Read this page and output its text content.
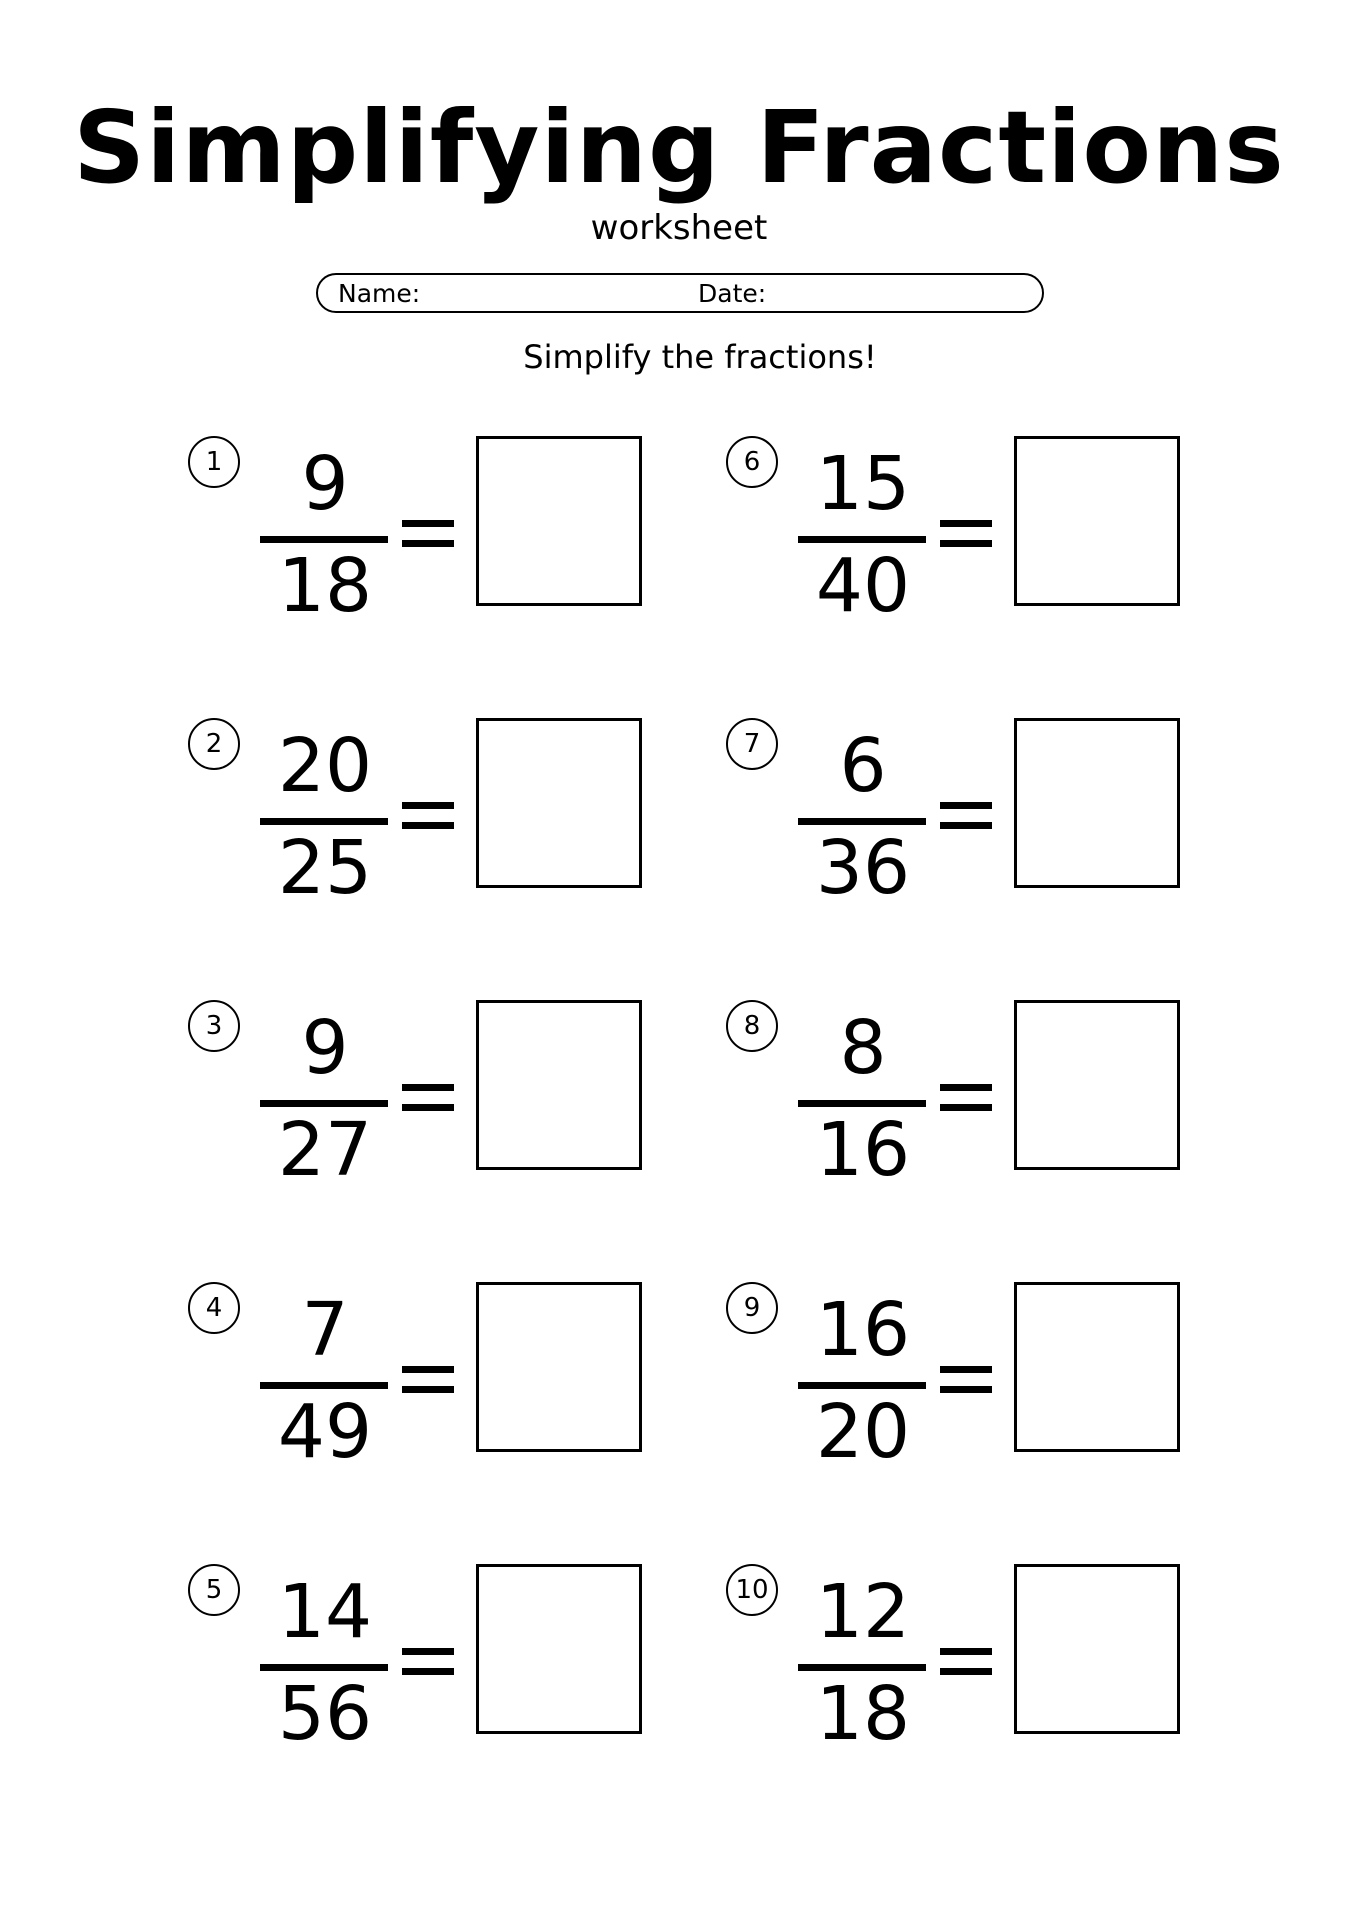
Simplifying Fractions
worksheet
Name:	Date:
Simplify the fractions!
1	9
18
2 20
25
3	9
27
4	7
49
5 14
56
6 15
40
7	6
36
8	8
16
9 16
20
10 12
18
